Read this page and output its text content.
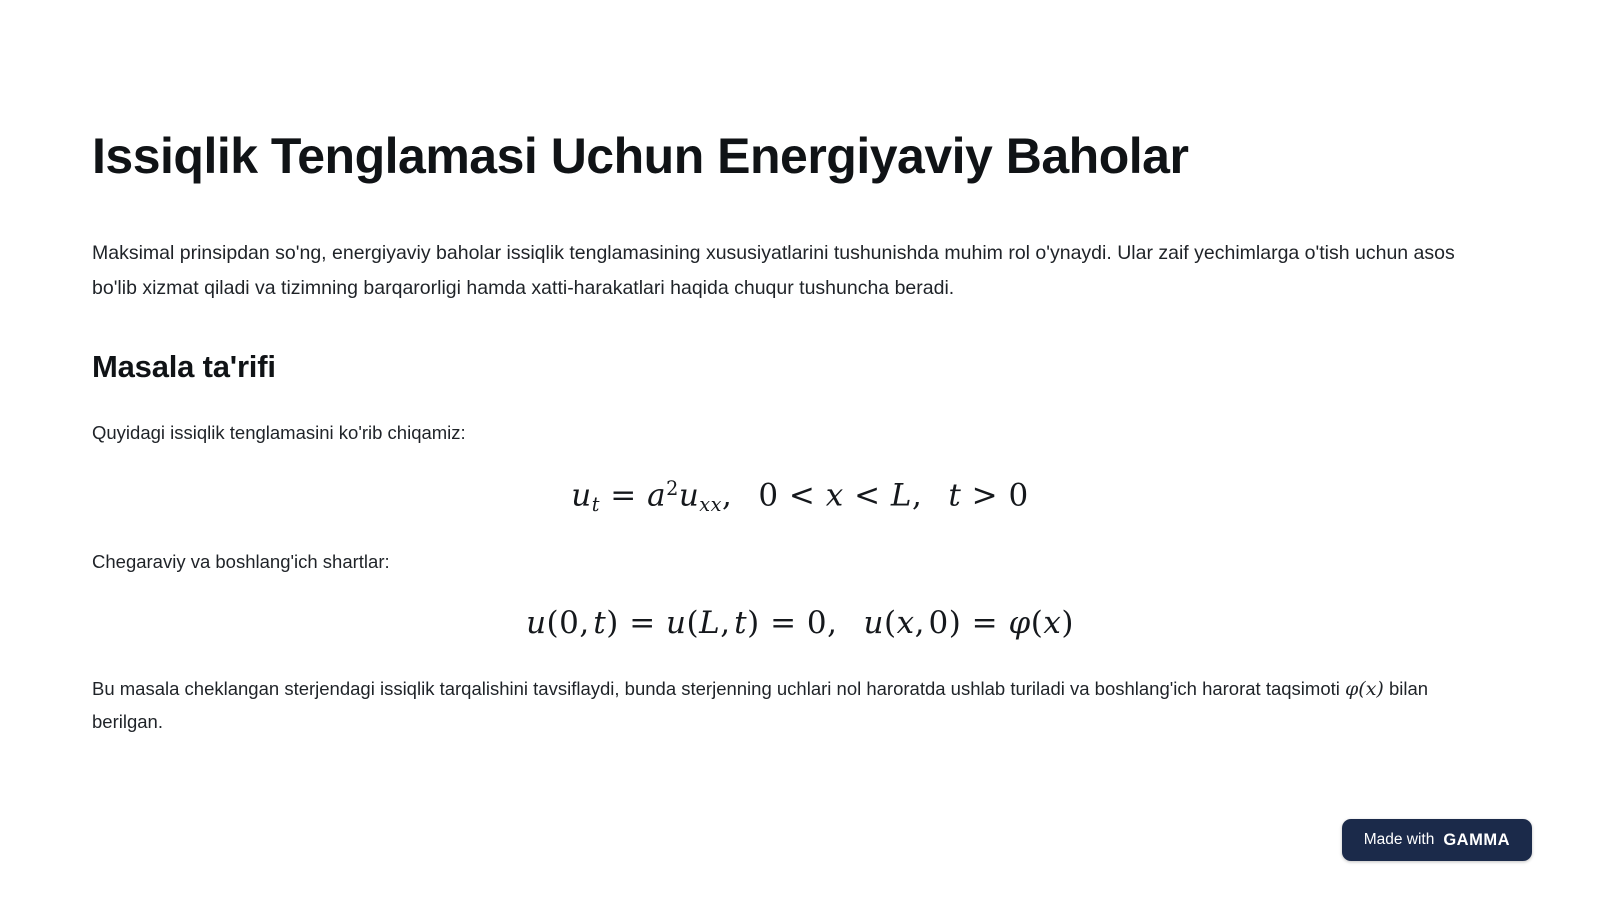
Issiqlik Tenglamasi Uchun Energiyaviy Baholar

Maksimal prinsipdan so'ng, energiyaviy baholar issiqlik tenglamasining xususiyatlarini tushunishda muhim rol o'ynaydi. Ular zaif yechimlarga o'tish uchun asos bo'lib xizmat qiladi va tizimning barqarorligi hamda xatti-harakatlari haqida chuqur tushuncha beradi.

Masala ta'rifi

Quyidagi issiqlik tenglamasini ko'rib chiqamiz:

$u_t = a^2u_{xx}$, 0 < x < L, t > 0

Chegaraviy va boshlang'ich shartlar:

u(0, t) = u(L, t) = 0, u(x, 0) = φ(x)

Bu masala cheklangan sterjendagi issiqlik tarqalishini tavsiflaydi, bunda sterjenning uchlari nol haroratda ushlab turiladi va boshlang'ich harorat taqsimoti φ(x) bilan berilgan.

Made with GAMMA
